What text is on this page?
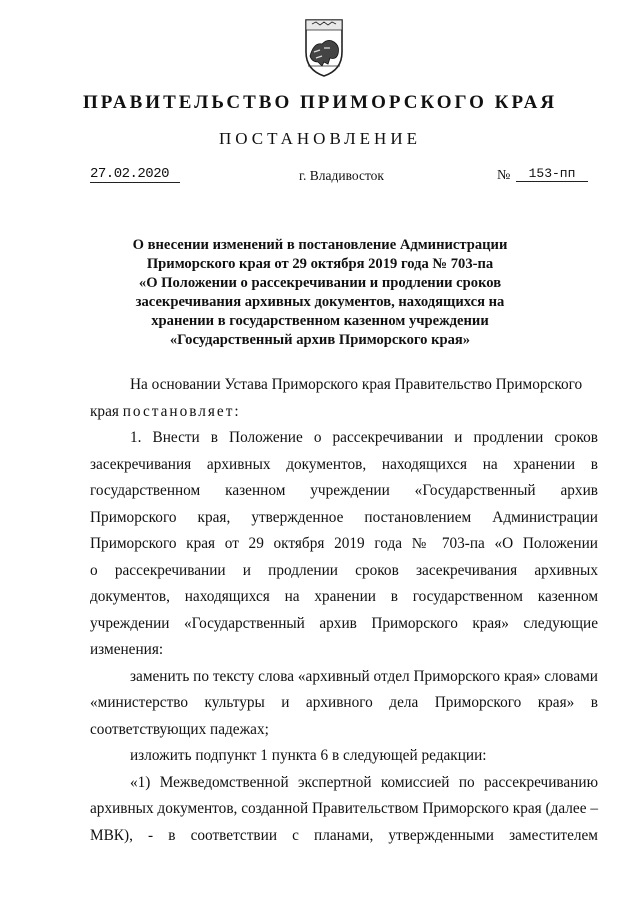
ПРАВИТЕЛЬСТВО ПРИМОРСКОГО КРАЯ
ПОСТАНОВЛЕНИЕ
27.02.2020	г. Владивосток	№	153-пп
О внесении изменений в постановление Администрации
Приморского края от 29 октября 2019 года № 703-па
«О Положении о рассекречивании и продлении сроков
засекречивания архивных документов, находящихся на
хранении в государственном казенном учреждении
«Государственный архив Приморского края»
На основании Устава Приморского края Правительство Приморского
края постановляет:
1. Внести в Положение о рассекречивании и продлении сроков
засекречивания архивных документов, находящихся на хранении в
государственном казенном учреждении «Государственный архив
Приморского края, утвержденное постановлением Администрации
Приморского края от 29 октября 2019 года № 703-па «О Положении
о рассекречивании и продлении сроков засекречивания архивных
документов, находящихся на хранении в государственном казенном
учреждении «Государственный архив Приморского края» следующие
изменения:
заменить по тексту слова «архивный отдел Приморского края» словами
«министерство культуры и архивного дела Приморского края» в
соответствующих падежах;
изложить подпункт 1 пункта 6 в следующей редакции:
«1) Межведомственной экспертной комиссией по рассекречиванию
архивных документов, созданной Правительством Приморского края (далее –
МВК), - в соответствии с планами, утвержденными заместителем
